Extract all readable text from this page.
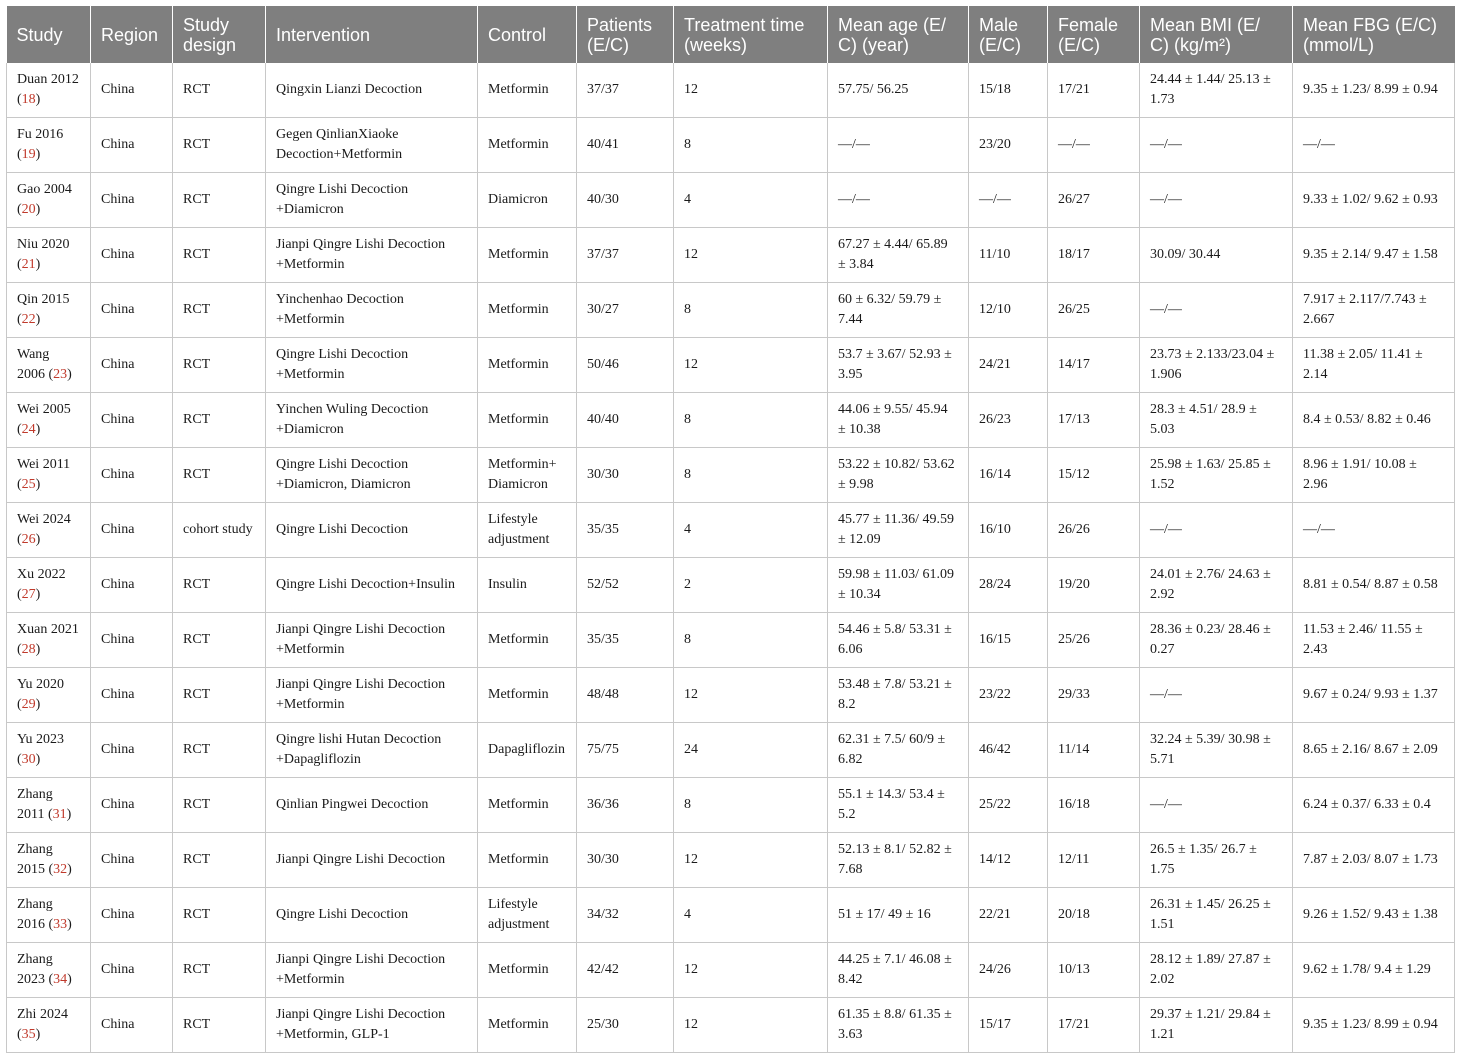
Study	Region	Study design	Intervention	Control	Patients (E/C)	Treatment time (weeks)	Mean age (E/ C) (year)	Male (E/C)	Female (E/C)	Mean BMI (E/ C) (kg/m²)	Mean FBG (E/C) (mmol/L)
Duan 2012 (18)	China	RCT	Qingxin Lianzi Decoction	Metformin	37/37	12	57.75/ 56.25	15/18	17/21	24.44 ± 1.44/ 25.13 ± 1.73	9.35 ± 1.23/ 8.99 ± 0.94
Fu 2016 (19)	China	RCT	Gegen QinlianXiaoke Decoction+Metformin	Metformin	40/41	8	—/—	23/20	—/—	—/—	—/—
Gao 2004 (20)	China	RCT	Qingre Lishi Decoction +Diamicron	Diamicron	40/30	4	—/—	—/—	26/27	—/—	9.33 ± 1.02/ 9.62 ± 0.93
Niu 2020 (21)	China	RCT	Jianpi Qingre Lishi Decoction +Metformin	Metformin	37/37	12	67.27 ± 4.44/ 65.89 ± 3.84	11/10	18/17	30.09/ 30.44	9.35 ± 2.14/ 9.47 ± 1.58
Qin 2015 (22)	China	RCT	Yinchenhao Decoction +Metformin	Metformin	30/27	8	60 ± 6.32/ 59.79 ± 7.44	12/10	26/25	—/—	7.917 ± 2.117/7.743 ± 2.667
Wang 2006 (23)	China	RCT	Qingre Lishi Decoction +Metformin	Metformin	50/46	12	53.7 ± 3.67/ 52.93 ± 3.95	24/21	14/17	23.73 ± 2.133/23.04 ± 1.906	11.38 ± 2.05/ 11.41 ± 2.14
Wei 2005 (24)	China	RCT	Yinchen Wuling Decoction +Diamicron	Metformin	40/40	8	44.06 ± 9.55/ 45.94 ± 10.38	26/23	17/13	28.3 ± 4.51/ 28.9 ± 5.03	8.4 ± 0.53/ 8.82 ± 0.46
Wei 2011 (25)	China	RCT	Qingre Lishi Decoction +Diamicron, Diamicron	Metformin+ Diamicron	30/30	8	53.22 ± 10.82/ 53.62 ± 9.98	16/14	15/12	25.98 ± 1.63/ 25.85 ± 1.52	8.96 ± 1.91/ 10.08 ± 2.96
Wei 2024 (26)	China	cohort study	Qingre Lishi Decoction	Lifestyle adjustment	35/35	4	45.77 ± 11.36/ 49.59 ± 12.09	16/10	26/26	—/—	—/—
Xu 2022 (27)	China	RCT	Qingre Lishi Decoction+Insulin	Insulin	52/52	2	59.98 ± 11.03/ 61.09 ± 10.34	28/24	19/20	24.01 ± 2.76/ 24.63 ± 2.92	8.81 ± 0.54/ 8.87 ± 0.58
Xuan 2021 (28)	China	RCT	Jianpi Qingre Lishi Decoction +Metformin	Metformin	35/35	8	54.46 ± 5.8/ 53.31 ± 6.06	16/15	25/26	28.36 ± 0.23/ 28.46 ± 0.27	11.53 ± 2.46/ 11.55 ± 2.43
Yu 2020 (29)	China	RCT	Jianpi Qingre Lishi Decoction +Metformin	Metformin	48/48	12	53.48 ± 7.8/ 53.21 ± 8.2	23/22	29/33	—/—	9.67 ± 0.24/ 9.93 ± 1.37
Yu 2023 (30)	China	RCT	Qingre lishi Hutan Decoction +Dapagliflozin	Dapagliflozin	75/75	24	62.31 ± 7.5/ 60/9 ± 6.82	46/42	11/14	32.24 ± 5.39/ 30.98 ± 5.71	8.65 ± 2.16/ 8.67 ± 2.09
Zhang 2011 (31)	China	RCT	Qinlian Pingwei Decoction	Metformin	36/36	8	55.1 ± 14.3/ 53.4 ± 5.2	25/22	16/18	—/—	6.24 ± 0.37/ 6.33 ± 0.4
Zhang 2015 (32)	China	RCT	Jianpi Qingre Lishi Decoction	Metformin	30/30	12	52.13 ± 8.1/ 52.82 ± 7.68	14/12	12/11	26.5 ± 1.35/ 26.7 ± 1.75	7.87 ± 2.03/ 8.07 ± 1.73
Zhang 2016 (33)	China	RCT	Qingre Lishi Decoction	Lifestyle adjustment	34/32	4	51 ± 17/ 49 ± 16	22/21	20/18	26.31 ± 1.45/ 26.25 ± 1.51	9.26 ± 1.52/ 9.43 ± 1.38
Zhang 2023 (34)	China	RCT	Jianpi Qingre Lishi Decoction +Metformin	Metformin	42/42	12	44.25 ± 7.1/ 46.08 ± 8.42	24/26	10/13	28.12 ± 1.89/ 27.87 ± 2.02	9.62 ± 1.78/ 9.4 ± 1.29
Zhi 2024 (35)	China	RCT	Jianpi Qingre Lishi Decoction +Metformin, GLP-1	Metformin	25/30	12	61.35 ± 8.8/ 61.35 ± 3.63	15/17	17/21	29.37 ± 1.21/ 29.84 ± 1.21	9.35 ± 1.23/ 8.99 ± 0.94
